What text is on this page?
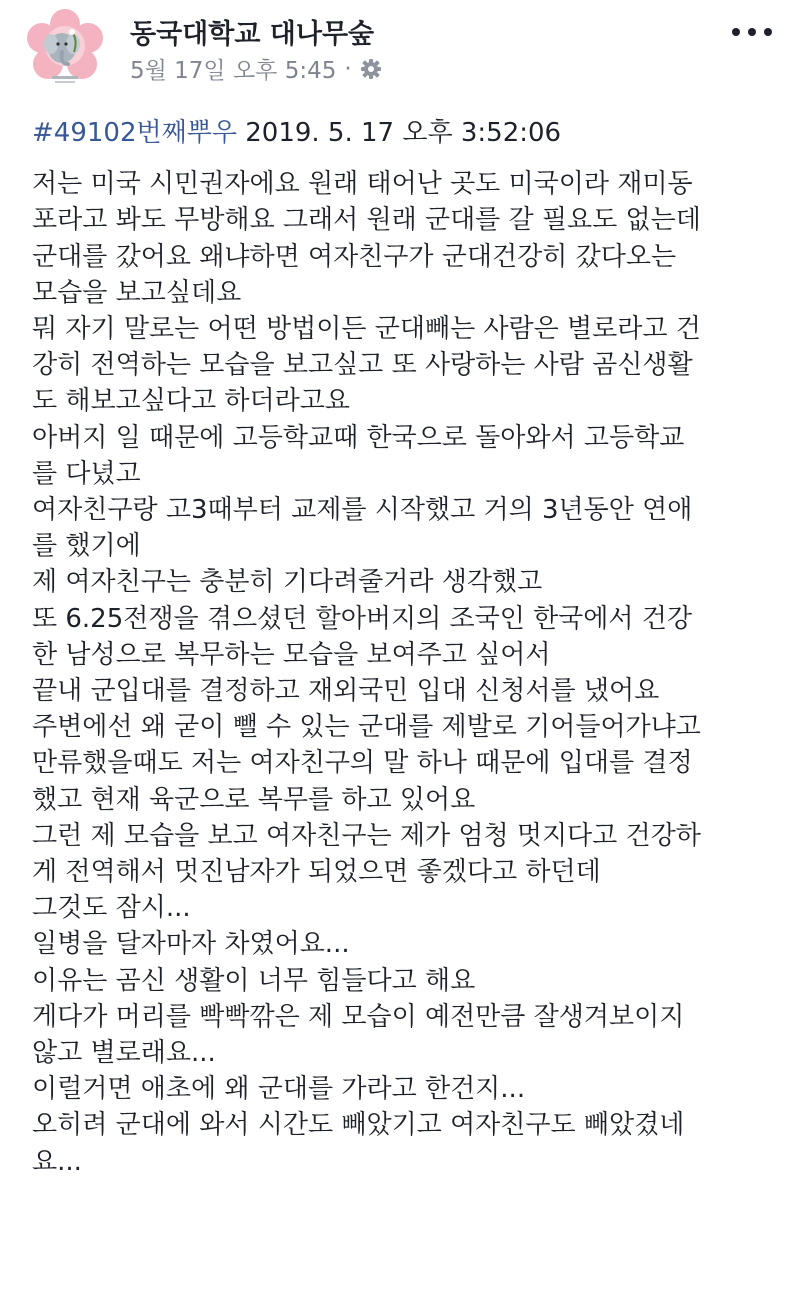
동국대학교 대나무숲
5월 17일 오후 5:45 ·
#49102번째뿌우 2019. 5. 17 오후 3:52:06
저는 미국 시민권자에요 원래 태어난 곳도 미국이라 재미동
포라고 봐도 무방해요 그래서 원래 군대를 갈 필요도 없는데
군대를 갔어요 왜냐하면 여자친구가 군대건강히 갔다오는
모습을 보고싶데요
뭐 자기 말로는 어떤 방법이든 군대빼는 사람은 별로라고 건
강히 전역하는 모습을 보고싶고 또 사랑하는 사람 곰신생활
도 해보고싶다고 하더라고요
아버지 일 때문에 고등학교때 한국으로 돌아와서 고등학교
를 다녔고
여자친구랑 고3때부터 교제를 시작했고 거의 3년동안 연애
를 했기에
제 여자친구는 충분히 기다려줄거라 생각했고
또 6.25전쟁을 겪으셨던 할아버지의 조국인 한국에서 건강
한 남성으로 복무하는 모습을 보여주고 싶어서
끝내 군입대를 결정하고 재외국민 입대 신청서를 냈어요
주변에선 왜 굳이 뺄 수 있는 군대를 제발로 기어들어가냐고
만류했을때도 저는 여자친구의 말 하나 때문에 입대를 결정
했고 현재 육군으로 복무를 하고 있어요
그런 제 모습을 보고 여자친구는 제가 엄청 멋지다고 건강하
게 전역해서 멋진남자가 되었으면 좋겠다고 하던데
그것도 잠시...
일병을 달자마자 차였어요...
이유는 곰신 생활이 너무 힘들다고 해요
게다가 머리를 빡빡깎은 제 모습이 예전만큼 잘생겨보이지
않고 별로래요...
이럴거면 애초에 왜 군대를 가라고 한건지...
오히려 군대에 와서 시간도 빼았기고 여자친구도 빼았겼네
요...
